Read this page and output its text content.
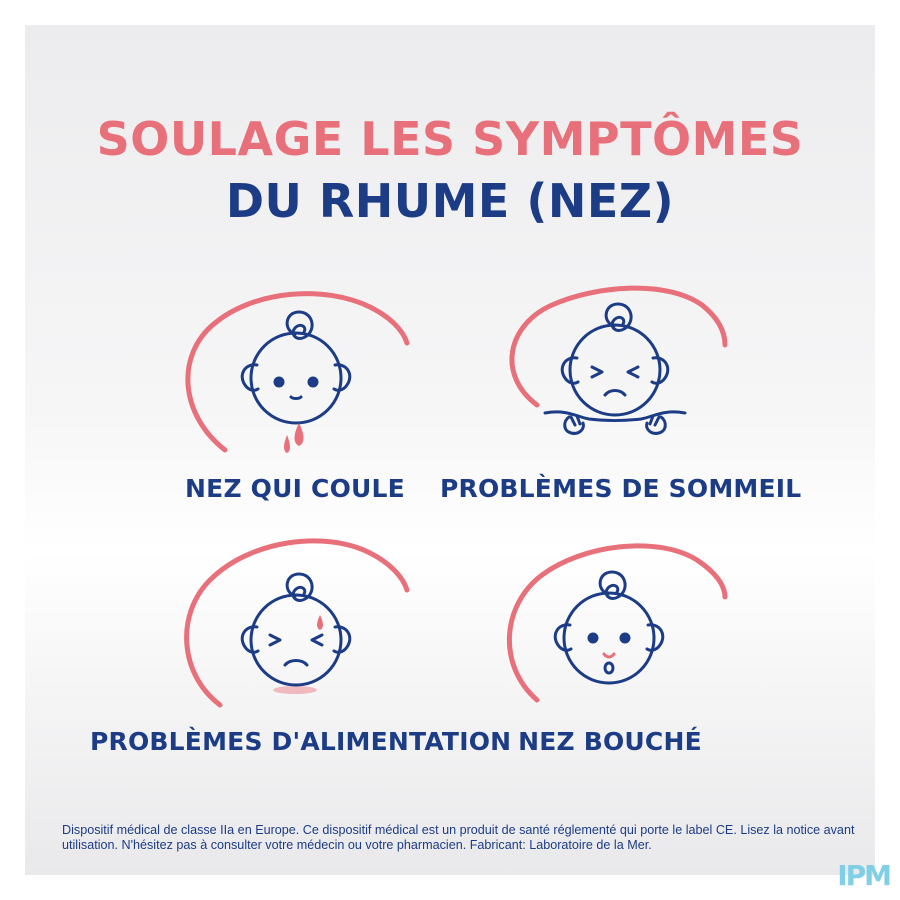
SOULAGE LES SYMPTÔMES
DU RHUME (NEZ)
NEZ QUI COULE	PROBLÈMES DE SOMMEIL
PROBLÈMES D'ALIMENTATION NEZ BOUCHÉ
Dispositif médical de classe IIa en Europe. Ce dispositif médical est un produit de santé réglementé qui porte le label CE. Lisez la notice avant utilisation. N'hésitez pas à consulter votre médecin ou votre pharmacien. Fabricant: Laboratoire de la Mer.
IPM
